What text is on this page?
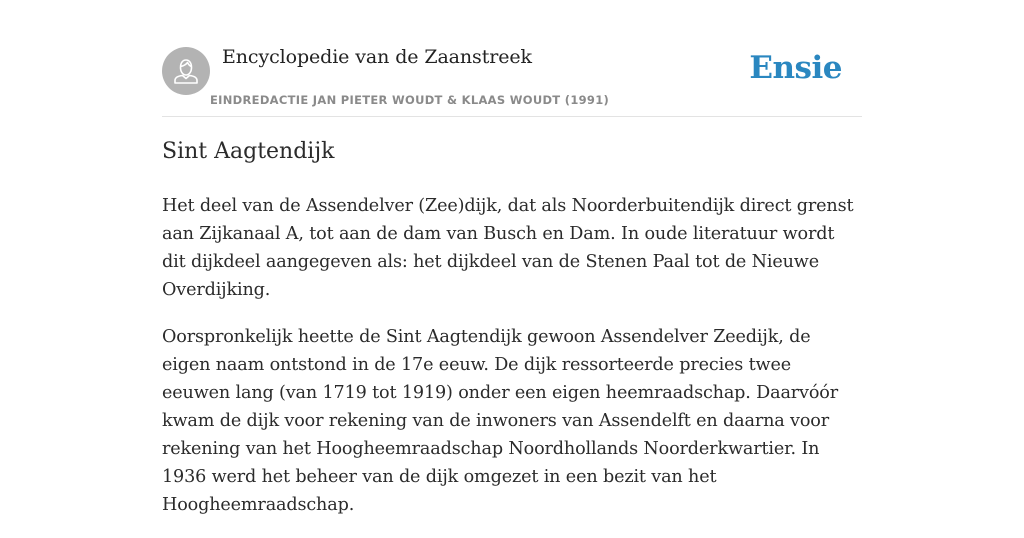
Encyclopedie van de Zaanstreek
EINDREDACTIE JAN PIETER WOUDT & KLAAS WOUDT (1991)
Ensie
Sint Aagtendijk

Het deel van de Assendelver (Zee)dijk, dat als Noorderbuitendijk direct grenst aan Zijkanaal A, tot aan de dam van Busch en Dam. In oude literatuur wordt dit dijkdeel aangegeven als: het dijkdeel van de Stenen Paal tot de Nieuwe Overdijking.

Oorspronkelijk heette de Sint Aagtendijk gewoon Assendelver Zeedijk, de eigen naam ontstond in de 17e eeuw. De dijk ressorteerde precies twee eeuwen lang (van 1719 tot 1919) onder een eigen heemraadschap. Daarvóór kwam de dijk voor rekening van de inwoners van Assendelft en daarna voor rekening van het Hoogheemraadschap Noordhollands Noorderkwartier. In 1936 werd het beheer van de dijk omgezet in een bezit van het Hoogheemraadschap.
